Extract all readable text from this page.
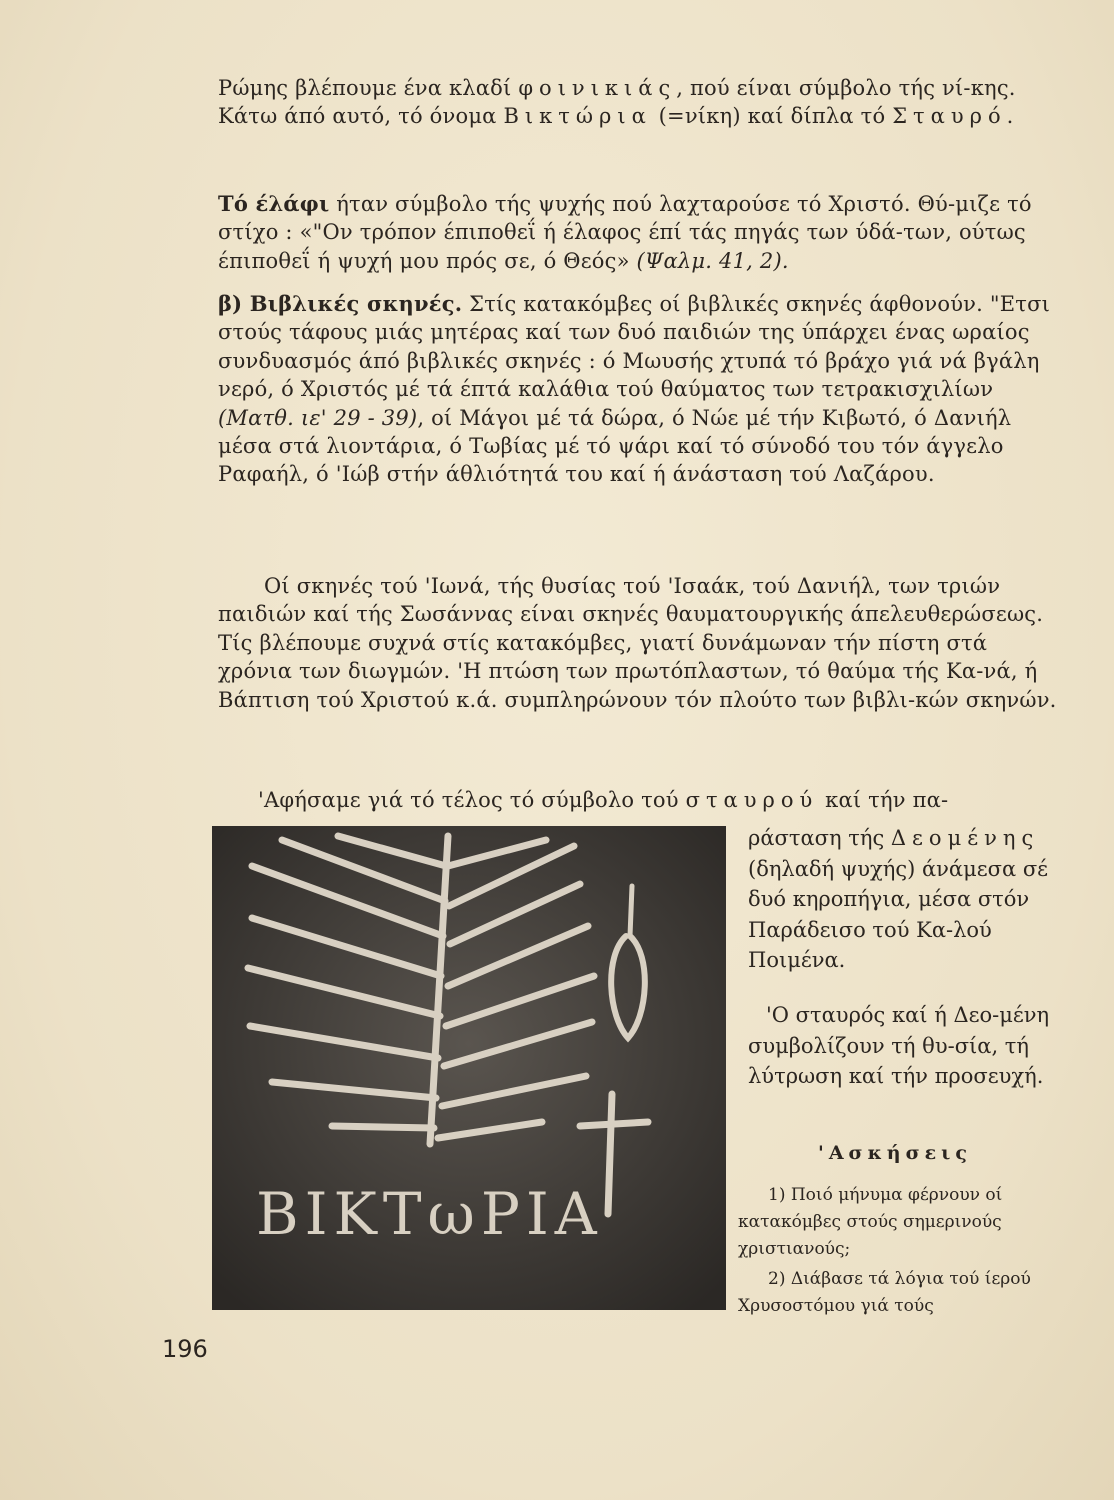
Ρώμης βλέπουμε ένα κλαδί φοινικιάς, πού είναι σύμβολο τής νί-κης. Κάτω άπό αυτό, τό όνομα Βικτώρια (=νίκη) καί δίπλα τό Σταυρό.

Τό έλάφι ήταν σύμβολο τής ψυχής πού λαχταρούσε τό Χριστό. Θύ-μιζε τό στίχο : «"Ον τρόπον έπιποθεΐ ή έλαφος έπί τάς πηγάς των ύδά-των, ούτως έπιποθεΐ ή ψυχή μου πρός σε, ό Θεός» (Ψαλμ. 41, 2).

β) Βιβλικές σκηνές. Στίς κατακόμβες οί βιβλικές σκηνές άφθονούν. "Ετσι στούς τάφους μιάς μητέρας καί των δυό παιδιών της ύπάρχει ένας ωραίος συνδυασμός άπό βιβλικές σκηνές : ό Μωυσής χτυπά τό βράχο γιά νά βγάλη νερό, ό Χριστός μέ τά έπτά καλάθια τού θαύματος των τετρακισχιλίων (Ματθ. ιε' 29 - 39), οί Μάγοι μέ τά δώρα, ό Νώε μέ τήν Κιβωτό, ό Δανιήλ μέσα στά λιοντάρια, ό Τωβίας μέ τό ψάρι καί τό σύνοδό του τόν άγγελο Ραφαήλ, ό 'Ιώβ στήν άθλιότητά του καί ή άνάσταση τού Λαζάρου.

Οί σκηνές τού 'Ιωνά, τής θυσίας τού 'Ισαάκ, τού Δανιήλ, των τριών παιδιών καί τής Σωσάννας είναι σκηνές θαυματουργικής άπελευθερώσεως. Τίς βλέπουμε συχνά στίς κατακόμβες, γιατί δυνάμωναν τήν πίστη στά χρόνια των διωγμών. 'Η πτώση των πρωτόπλαστων, τό θαύμα τής Κα-νά, ή Βάπτιση τού Χριστού κ.ά. συμπληρώνουν τόν πλούτο των βιβλι-κών σκηνών.

'Αφήσαμε γιά τό τέλος τό σύμβολο τού σταυρού καί τήν πα-

ΒΙΚΤωΡΙΑ

ράσταση τής Δεομένης (δηλαδή ψυχής) άνάμεσα σέ δυό κηροπήγια, μέσα στόν Παράδεισο τού Κα-λού Ποιμένα.

'Ο σταυρός καί ή Δεο-μένη συμβολίζουν τή θυ-σία, τή λύτρωση καί τήν προσευχή.

'Ασκήσεις

1) Ποιό μήνυμα φέρνουν οί κατακόμβες στούς σημερινούς χριστιανούς;

2) Διάβασε τά λόγια τού ίερού Χρυσοστόμου γιά τούς

196
